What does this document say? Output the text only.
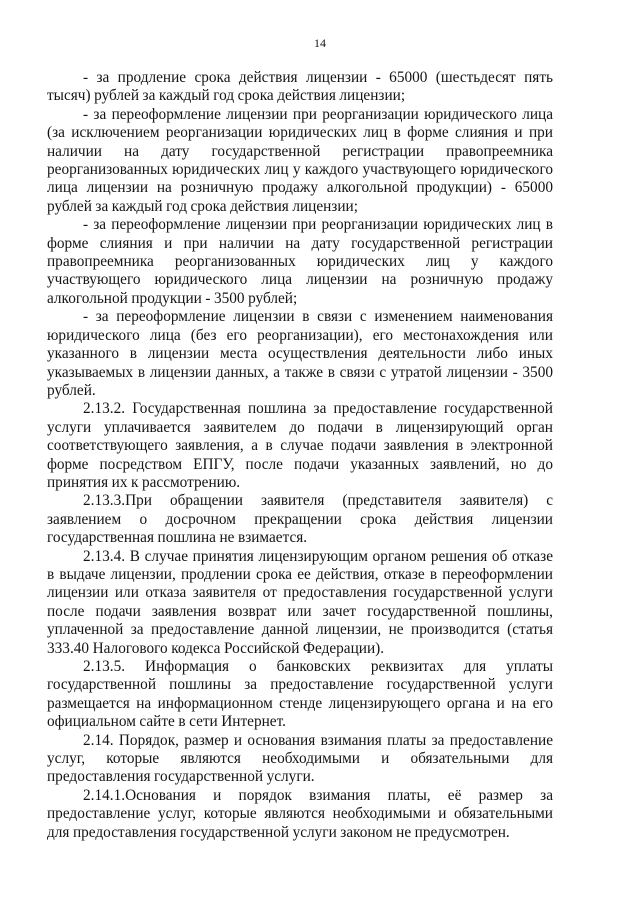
14

- за продление срока действия лицензии - 65000 (шестьдесят пять тысяч) рублей за каждый год срока действия лицензии;

- за переоформление лицензии при реорганизации юридического лица (за исключением реорганизации юридических лиц в форме слияния и при наличии на дату государственной регистрации правопреемника реорганизованных юридических лиц у каждого участвующего юридического лица лицензии на розничную продажу алкогольной продукции) - 65000 рублей за каждый год срока действия лицензии;

- за переоформление лицензии при реорганизации юридических лиц в форме слияния и при наличии на дату государственной регистрации правопреемника реорганизованных юридических лиц у каждого участвующего юридического лица лицензии на розничную продажу алкогольной продукции - 3500 рублей;

- за переоформление лицензии в связи с изменением наименования юридического лица (без его реорганизации), его местонахождения или указанного в лицензии места осуществления деятельности либо иных указываемых в лицензии данных, а также в связи с утратой лицензии - 3500 рублей.

2.13.2. Государственная пошлина за предоставление государственной услуги уплачивается заявителем до подачи в лицензирующий орган соответствующего заявления, а в случае подачи заявления в электронной форме посредством ЕПГУ, после подачи указанных заявлений, но до принятия их к рассмотрению.

2.13.3.При обращении заявителя (представителя заявителя) с заявлением о досрочном прекращении срока действия лицензии государственная пошлина не взимается.

2.13.4. В случае принятия лицензирующим органом решения об отказе в выдаче лицензии, продлении срока ее действия, отказе в переоформлении лицензии или отказа заявителя от предоставления государственной услуги после подачи заявления возврат или зачет государственной пошлины, уплаченной за предоставление данной лицензии, не производится (статья 333.40 Налогового кодекса Российской Федерации).

2.13.5. Информация о банковских реквизитах для уплаты государственной пошлины за предоставление государственной услуги размещается на информационном стенде лицензирующего органа и на его официальном сайте в сети Интернет.

2.14. Порядок, размер и основания взимания платы за предоставление услуг, которые являются необходимыми и обязательными для предоставления государственной услуги.

2.14.1.Основания и порядок взимания платы, её размер за предоставление услуг, которые являются необходимыми и обязательными для предоставления государственной услуги законом не предусмотрен.
